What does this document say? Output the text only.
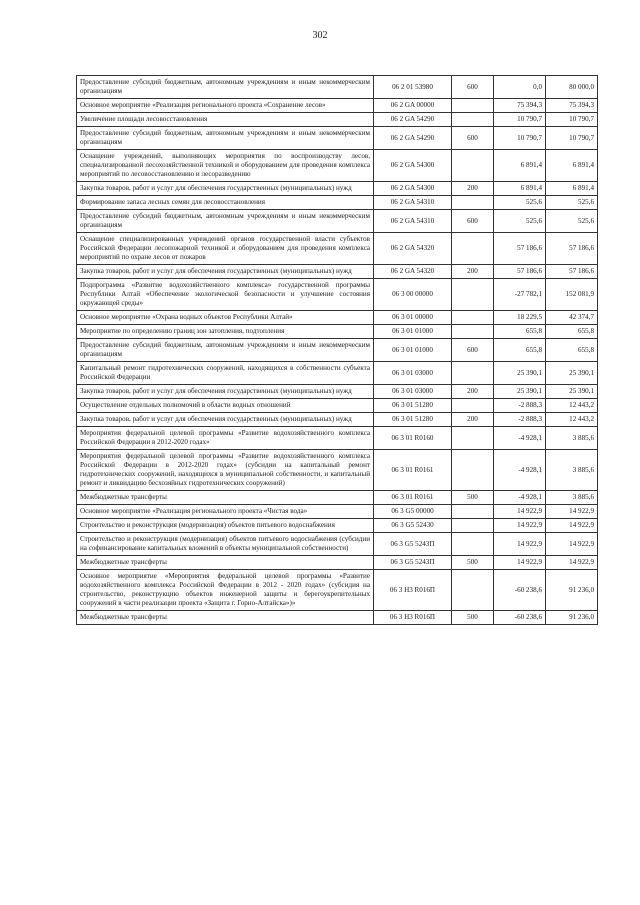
302
Предоставление субсидий бюджетным, автономным учреждениям и иным некоммерческим организациям	06 2 01 53980	600	0,0	80 000,0
Основное мероприятие «Реализация регионального проекта «Сохранение лесов»	06 2 GA 00000		75 394,3	75 394,3
Увеличение площади лесовосстановления	06 2 GA 54290		10 790,7	10 790,7
Предоставление субсидий бюджетным, автономным учреждениям и иным некоммерческим организациям	06 2 GA 54290	600	10 790,7	10 790,7
Оснащение учреждений, выполняющих мероприятия по воспроизводству лесов, специализированной лесохозяйственной техникой и оборудованием для проведения комплекса мероприятий по лесовосстановлению и лесоразведению	06 2 GA 54300		6 891,4	6 891,4
Закупка товаров, работ и услуг для обеспечения государственных (муниципальных) нужд	06 2 GA 54300	200	6 891,4	6 891,4
Формирование запаса лесных семян для лесовосстановления	06 2 GA 54310		525,6	525,6
Предоставление субсидий бюджетным, автономным учреждениям и иным некоммерческим организациям	06 2 GA 54310	600	525,6	525,6
Оснащение специализированных учреждений органов государственной власти субъектов Российской Федерации лесопожарной техникой и оборудованием для проведения комплекса мероприятий по охране лесов от пожаров	06 2 GA 54320		57 186,6	57 186,6
Закупка товаров, работ и услуг для обеспечения государственных (муниципальных) нужд	06 2 GA 54320	200	57 186,6	57 186,6
Подпрограмма «Развитие водохозяйственного комплекса» государственной программы Республики Алтай «Обеспечение экологической безопасности и улучшение состояния окружающей среды»	06 3 00 00000		-27 782,1	152 081,9
Основное мероприятие «Охрана водных объектов Республики Алтай»	06 3 01 00000		18 229,5	42 374,7
Мероприятие по определению границ зон затопления, подтопления	06 3 01 01000		655,8	655,8
Предоставление субсидий бюджетным, автономным учреждениям и иным некоммерческим организациям	06 3 01 01000	600	655,8	655,8
Капитальный ремонт гидротехнических сооружений, находящихся в собственности субъекта Российской Федерации	06 3 01 03000		25 390,1	25 390,1
Закупка товаров, работ и услуг для обеспечения государственных (муниципальных) нужд	06 3 01 03000	200	25 390,1	25 390,1
Осуществление отдельных полномочий в области водных отношений	06 3 01 51280		-2 888,3	12 443,2
Закупка товаров, работ и услуг для обеспечения государственных (муниципальных) нужд	06 3 01 51280	200	-2 888,3	12 443,2
Мероприятия федеральной целевой программы «Развитие водохозяйственного комплекса Российской Федерации в 2012-2020 годах»	06 3 01 R0160		-4 928,1	3 885,6
Мероприятия федеральной целевой программы «Развитие водохозяйственного комплекса Российской Федерации в 2012-2020 годах» (субсидии на капитальный ремонт гидротехнических сооружений, находящихся в муниципальной собственности, и капитальный ремонт и ликвидацию бесхозяйных гидротехнических сооружений)	06 3 01 R0161		-4 928,1	3 885,6
Межбюджетные трансферты	06 3 01 R0161	500	-4 928,1	3 885,6
Основное мероприятие «Реализация регионального проекта «Чистая вода»	06 3 G5 00000		14 922,9	14 922,9
Строительство и реконструкция (модернизация) объектов питьевого водоснабжения	06 3 G5 52430		14 922,9	14 922,9
Строительство и реконструкция (модернизация) объектов питьевого водоснабжения (субсидии на софинансирование капитальных вложений в объекты муниципальной собственности)	06 3 G5 5243П		14 922,9	14 922,9
Межбюджетные трансферты	06 3 G5 5243П	500	14 922,9	14 922,9
Основное мероприятие «Мероприятия федеральной целевой программы «Развитие водохозяйственного комплекса Российской Федерации в 2012 - 2020 годах» (субсидия на строительство, реконструкцию объектов инженерной защиты и берегоукрепительных сооружений в части реализации проекта «Защита г. Горно-Алтайска»)»	06 3 H3 R016П		-60 238,6	91 236,0
Межбюджетные трансферты	06 3 H3 R016П	500	-60 238,6	91 236,0
